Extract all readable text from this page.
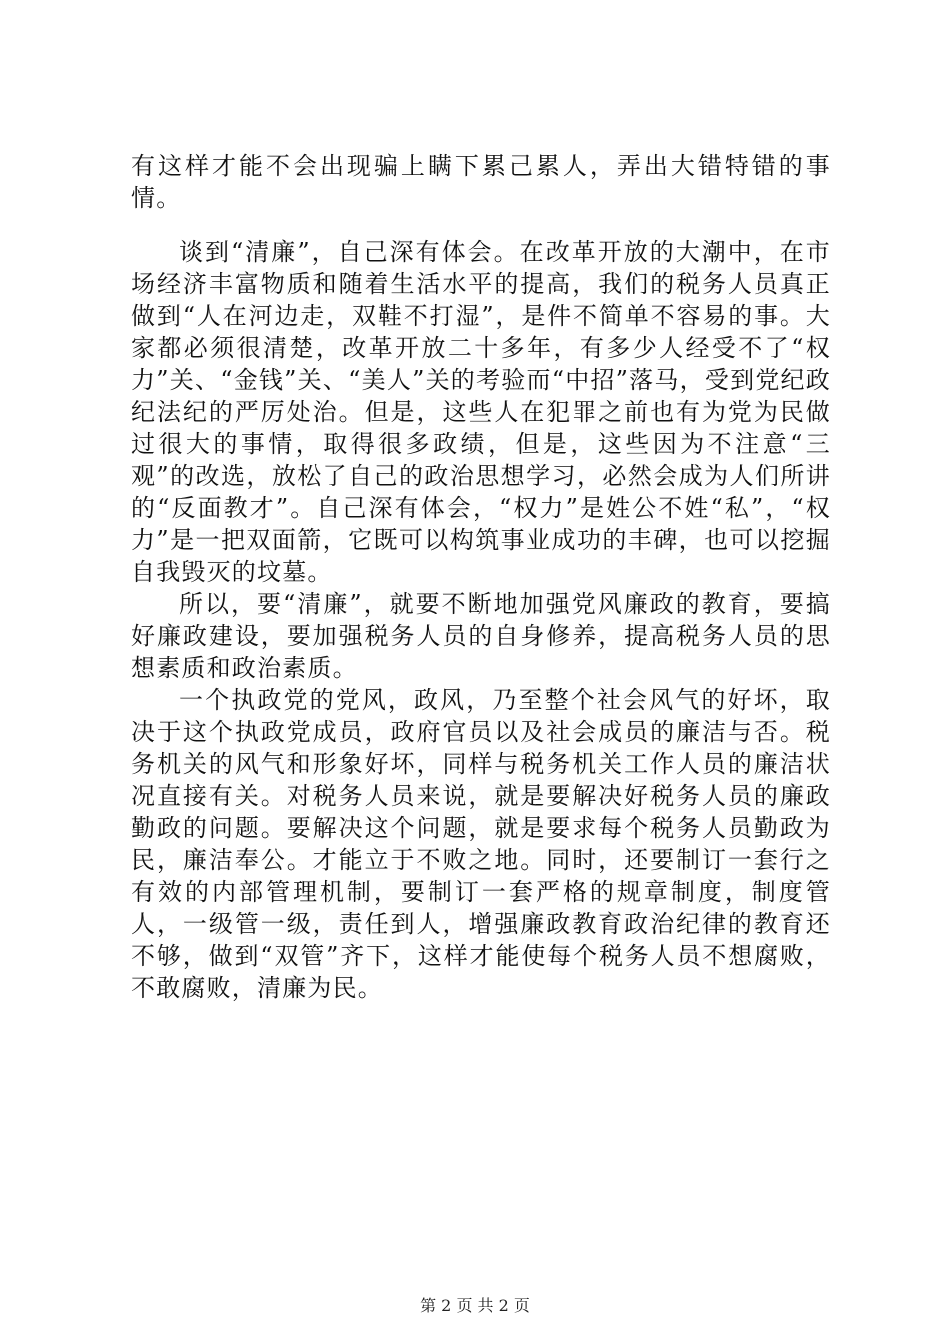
有这样才能不会出现骗上瞒下累己累人，弄出大错特错的事情。

谈到“清廉”，自己深有体会。在改革开放的大潮中，在市场经济丰富物质和随着生活水平的提高，我们的税务人员真正做到“人在河边走，双鞋不打湿”，是件不简单不容易的事。大家都必须很清楚，改革开放二十多年，有多少人经受不了“权力”关、“金钱”关、“美人”关的考验而“中招”落马，受到党纪政纪法纪的严厉处治。但是，这些人在犯罪之前也有为党为民做过很大的事情，取得很多政绩，但是，这些因为不注意“三观”的改选，放松了自己的政治思想学习，必然会成为人们所讲的“反面教才”。自己深有体会，“权力”是姓公不姓“私”，“权力”是一把双面箭，它既可以构筑事业成功的丰碑，也可以挖掘自我毁灭的坟墓。

所以，要“清廉”，就要不断地加强党风廉政的教育，要搞好廉政建设，要加强税务人员的自身修养，提高税务人员的思想素质和政治素质。

一个执政党的党风，政风，乃至整个社会风气的好坏，取决于这个执政党成员，政府官员以及社会成员的廉洁与否。税务机关的风气和形象好坏，同样与税务机关工作人员的廉洁状况直接有关。对税务人员来说，就是要解决好税务人员的廉政勤政的问题。要解决这个问题，就是要求每个税务人员勤政为民，廉洁奉公。才能立于不败之地。同时，还要制订一套行之有效的内部管理机制，要制订一套严格的规章制度，制度管人，一级管一级，责任到人，增强廉政教育政治纪律的教育还不够，做到“双管”齐下，这样才能使每个税务人员不想腐败，不敢腐败，清廉为民。

第 2 页 共 2 页
